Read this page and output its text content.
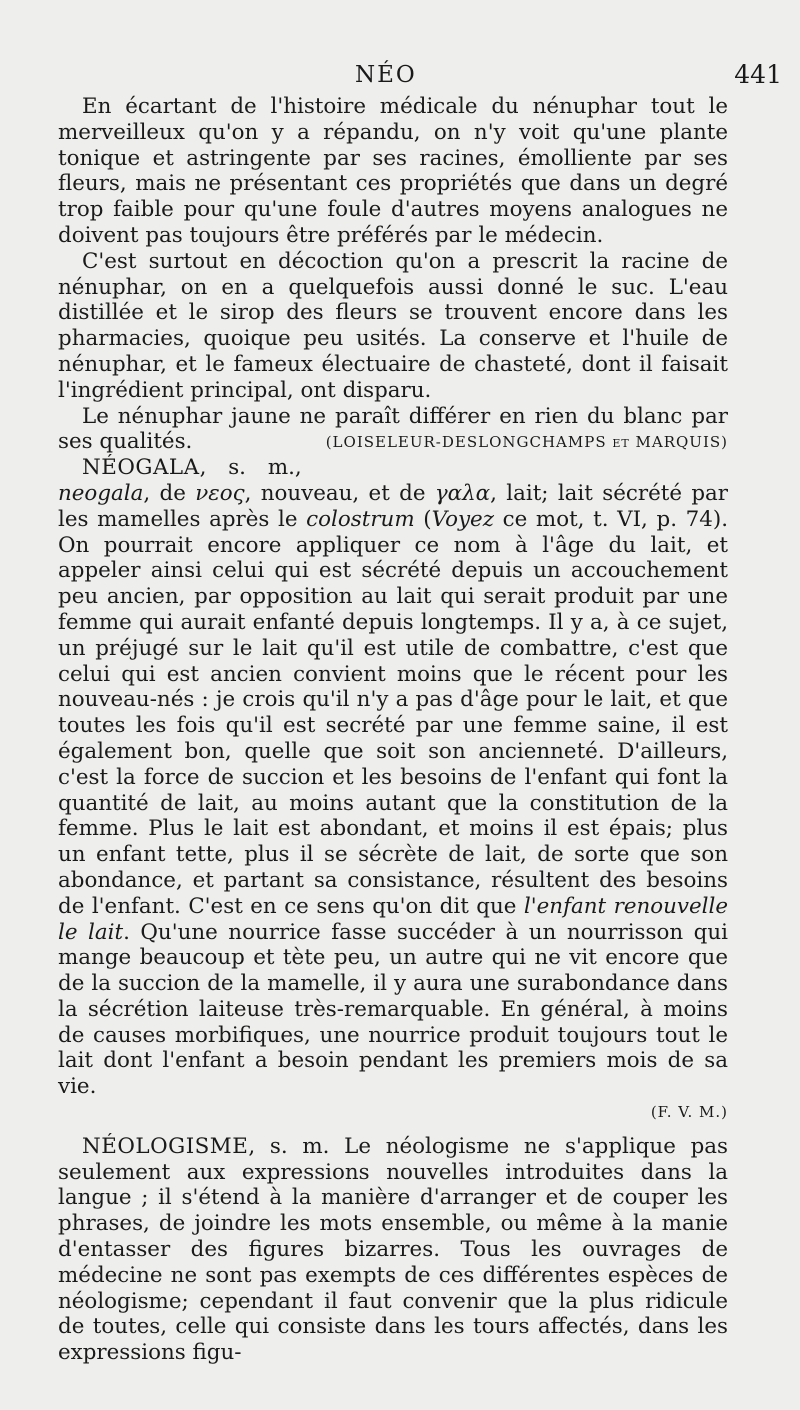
NÉO	441

En écartant de l'histoire médicale du nénuphar tout le merveilleux qu'on y a répandu, on n'y voit qu'une plante tonique et astringente par ses racines, émolliente par ses fleurs, mais ne présentant ces propriétés que dans un degré trop faible pour qu'une foule d'autres moyens analogues ne doivent pas toujours être préférés par le médecin.

C'est surtout en décoction qu'on a prescrit la racine de nénuphar, on en a quelquefois aussi donné le suc. L'eau distillée et le sirop des fleurs se trouvent encore dans les pharmacies, quoique peu usités. La conserve et l'huile de nénuphar, et le fameux électuaire de chasteté, dont il faisait l'ingrédient principal, ont disparu.

Le nénuphar jaune ne paraît différer en rien du blanc par ses qualités.	(LOISELEUR-DESLONGCHAMPS et MARQUIS)

NÉOGALA, s. m., neogala, de νεος, nouveau, et de γαλα, lait; lait sécrété par les mamelles après le colostrum (Voyez ce mot, t. VI, p. 74). On pourrait encore appliquer ce nom à l'âge du lait, et appeler ainsi celui qui est sécrété depuis un accouchement peu ancien, par opposition au lait qui serait produit par une femme qui aurait enfanté depuis longtemps. Il y a, à ce sujet, un préjugé sur le lait qu'il est utile de combattre, c'est que celui qui est ancien convient moins que le récent pour les nouveau-nés : je crois qu'il n'y a pas d'âge pour le lait, et que toutes les fois qu'il est secrété par une femme saine, il est également bon, quelle que soit son ancienneté. D'ailleurs, c'est la force de succion et les besoins de l'enfant qui font la quantité de lait, au moins autant que la constitution de la femme. Plus le lait est abondant, et moins il est épais; plus un enfant tette, plus il se sécrète de lait, de sorte que son abondance, et partant sa consistance, résultent des besoins de l'enfant. C'est en ce sens qu'on dit que l'enfant renouvelle le lait. Qu'une nourrice fasse succéder à un nourrisson qui mange beaucoup et tète peu, un autre qui ne vit encore que de la succion de la mamelle, il y aura une surabondance dans la sécrétion laiteuse très-remarquable. En général, à moins de causes morbifiques, une nourrice produit toujours tout le lait dont l'enfant a besoin pendant les premiers mois de sa vie.

(F. V. M.)

NÉOLOGISME, s. m. Le néologisme ne s'applique pas seulement aux expressions nouvelles introduites dans la langue ; il s'étend à la manière d'arranger et de couper les phrases, de joindre les mots ensemble, ou même à la manie d'entasser des figures bizarres. Tous les ouvrages de médecine ne sont pas exempts de ces différentes espèces de néologisme; cependant il faut convenir que la plus ridicule de toutes, celle qui consiste dans les tours affectés, dans les expressions figu-
